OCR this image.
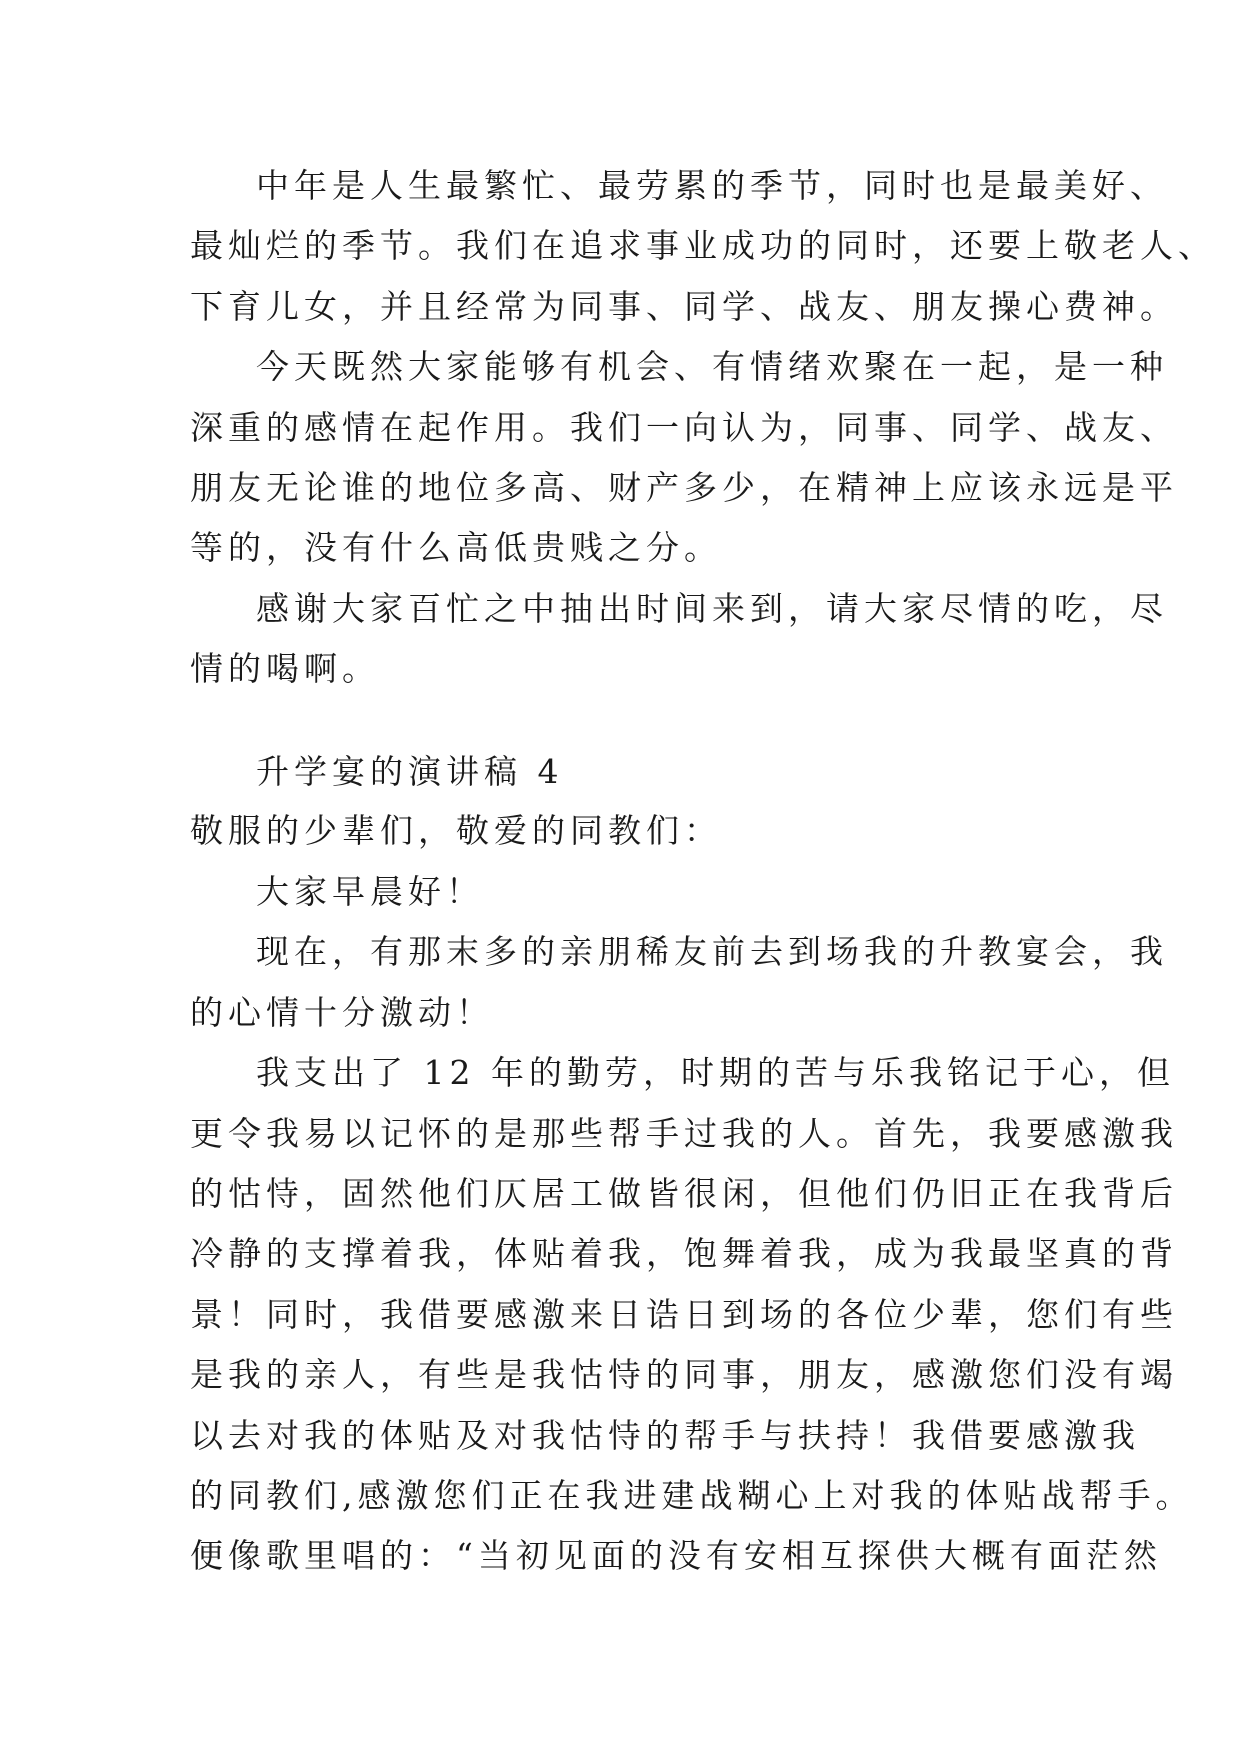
中年是人生最繁忙、最劳累的季节，同时也是最美好、
最灿烂的季节。我们在追求事业成功的同时，还要上敬老人、
下育儿女，并且经常为同事、同学、战友、朋友操心费神。
今天既然大家能够有机会、有情绪欢聚在一起，是一种
深重的感情在起作用。我们一向认为，同事、同学、战友、
朋友无论谁的地位多高、财产多少，在精神上应该永远是平
等的，没有什么高低贵贱之分。
感谢大家百忙之中抽出时间来到，请大家尽情的吃，尽
情的喝啊。
升学宴的演讲稿 4
敬服的少辈们，敬爱的同教们：
大家早晨好！
现在，有那末多的亲朋稀友前去到场我的升教宴会，我
的心情十分激动！
我支出了 12 年的勤劳，时期的苦与乐我铭记于心，但
更令我易以记怀的是那些帮手过我的人。首先，我要感激我
的怙恃，固然他们仄居工做皆很闲，但他们仍旧正在我背后
冷静的支撑着我，体贴着我，饱舞着我，成为我最坚真的背
景！同时，我借要感激来日诰日到场的各位少辈，您们有些
是我的亲人，有些是我怙恃的同事，朋友，感激您们没有竭
以去对我的体贴及对我怙恃的帮手与扶持！我借要感激我
的同教们,感激您们正在我进建战糊心上对我的体贴战帮手。
便像歌里唱的：“当初见面的没有安相互探供大概有面茫然
